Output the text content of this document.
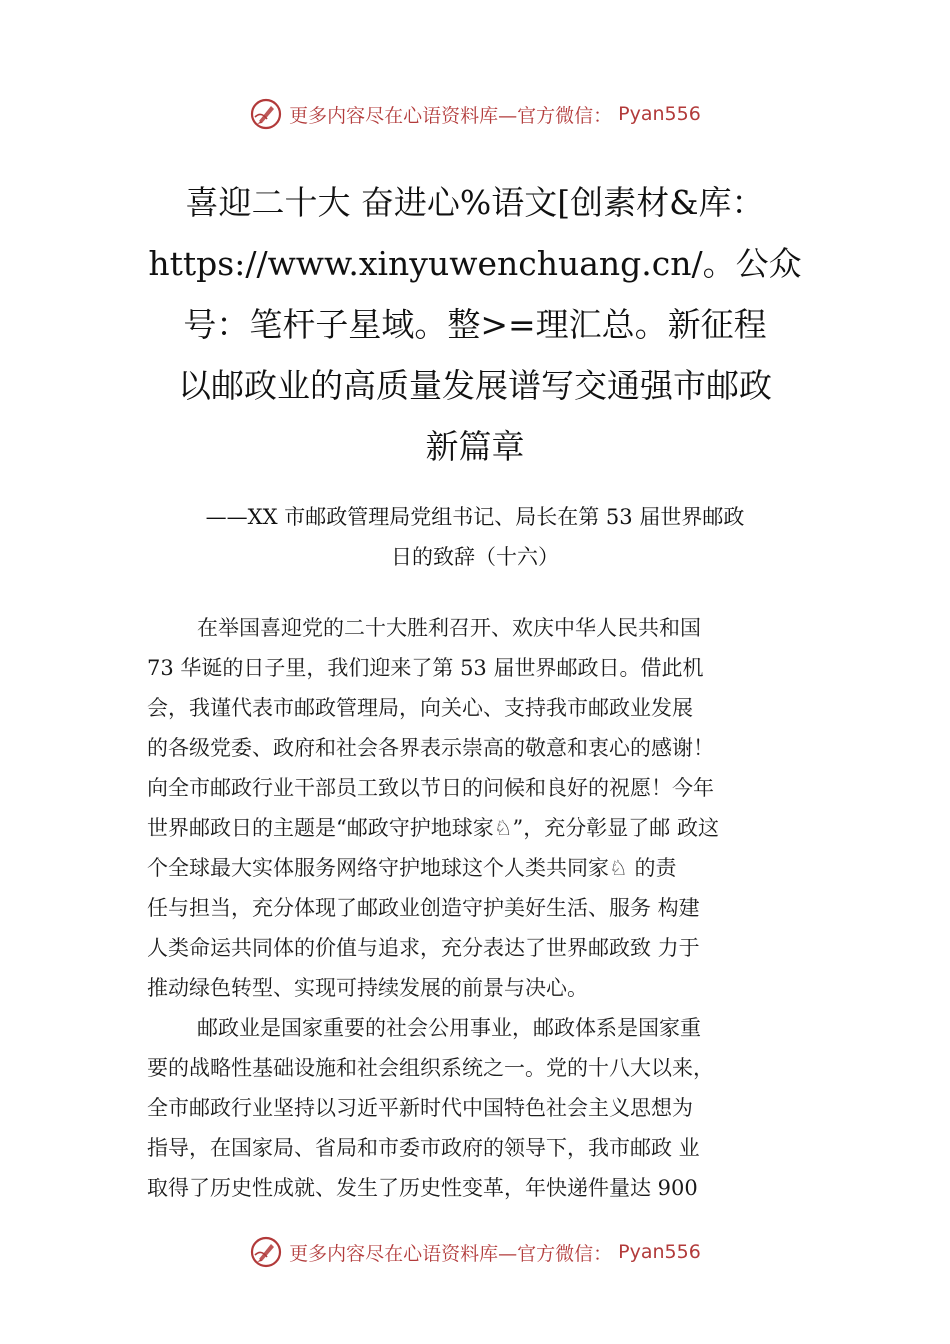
更多内容尽在心语资料库—官方微信： Pyan556
喜迎二十大 奋进心%语文[创素材&库：
https://www.xinyuwenchuang.cn/。公众
号：笔杆子星域。整>=理汇总。新征程
以邮政业的高质量发展谱写交通强市邮政
新篇章
——XX 市邮政管理局党组书记、局长在第 53 届世界邮政
日的致辞（十六）
在举国喜迎党的二十大胜利召开、欢庆中华人民共和国
73 华诞的日子里，我们迎来了第 53 届世界邮政日。借此机
会，我谨代表市邮政管理局，向关心、支持我市邮政业发展
的各级党委、政府和社会各界表示崇高的敬意和衷心的感谢！
向全市邮政行业干部员工致以节日的问候和良好的祝愿！今年
世界邮政日的主题是“邮政守护地球家♘”，充分彰显了邮 政这
个全球最大实体服务网络守护地球这个人类共同家♘ 的责
任与担当，充分体现了邮政业创造守护美好生活、服务 构建
人类命运共同体的价值与追求，充分表达了世界邮政致 力于
推动绿色转型、实现可持续发展的前景与决心。
邮政业是国家重要的社会公用事业，邮政体系是国家重
要的战略性基础设施和社会组织系统之一。党的十八大以来，
全市邮政行业坚持以习近平新时代中国特色社会主义思想为
指导，在国家局、省局和市委市政府的领导下，我市邮政 业
取得了历史性成就、发生了历史性变革，年快递件量达 900
更多内容尽在心语资料库—官方微信： Pyan556
